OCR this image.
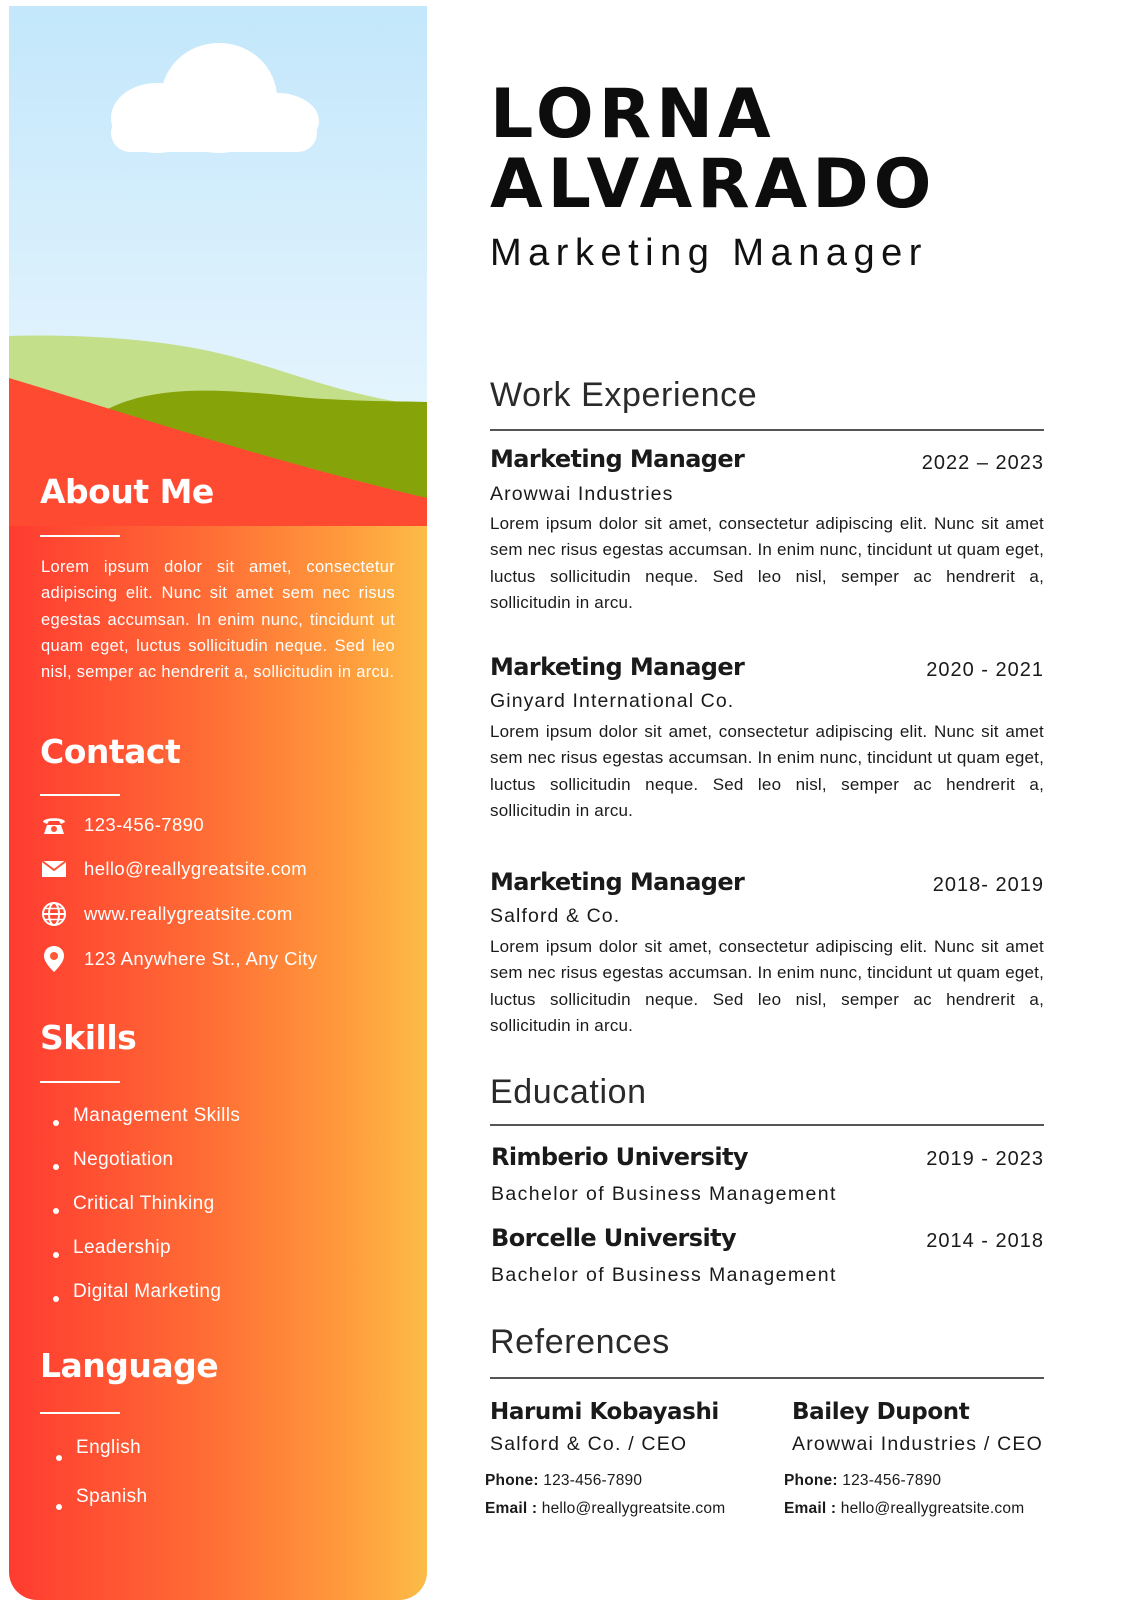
About Me
Lorem ipsum dolor sit amet, consectetur adipiscing elit. Nunc sit amet sem nec risus egestas accumsan. In enim nunc, tincidunt ut quam eget, luctus sollicitudin neque. Sed leo nisl, semper ac hendrerit a, sollicitudin in arcu.
Contact
123-456-7890
hello@reallygreatsite.com
www.reallygreatsite.com
123 Anywhere St., Any City
Skills
Management Skills
Negotiation
Critical Thinking
Leadership
Digital Marketing
Language
English
Spanish
LORNA
ALVARADO
Marketing Manager
Work Experience
Marketing Manager	2022 – 2023
Arowwai Industries
Lorem ipsum dolor sit amet, consectetur adipiscing elit. Nunc sit amet sem nec risus egestas accumsan. In enim nunc, tincidunt ut quam eget, luctus sollicitudin neque. Sed leo nisl, semper ac hendrerit a, sollicitudin in arcu.
Marketing Manager	2020 - 2021
Ginyard International Co.
Lorem ipsum dolor sit amet, consectetur adipiscing elit. Nunc sit amet sem nec risus egestas accumsan. In enim nunc, tincidunt ut quam eget, luctus sollicitudin neque. Sed leo nisl, semper ac hendrerit a, sollicitudin in arcu.
Marketing Manager	2018- 2019
Salford & Co.
Lorem ipsum dolor sit amet, consectetur adipiscing elit. Nunc sit amet sem nec risus egestas accumsan. In enim nunc, tincidunt ut quam eget, luctus sollicitudin neque. Sed leo nisl, semper ac hendrerit a, sollicitudin in arcu.
Education
Rimberio University	2019 - 2023
Bachelor of Business Management
Borcelle University	2014 - 2018
Bachelor of Business Management
References
Harumi Kobayashi
Salford & Co. / CEO
Phone: 123-456-7890
Email : hello@reallygreatsite.com
Bailey Dupont
Arowwai Industries / CEO
Phone: 123-456-7890
Email : hello@reallygreatsite.com
